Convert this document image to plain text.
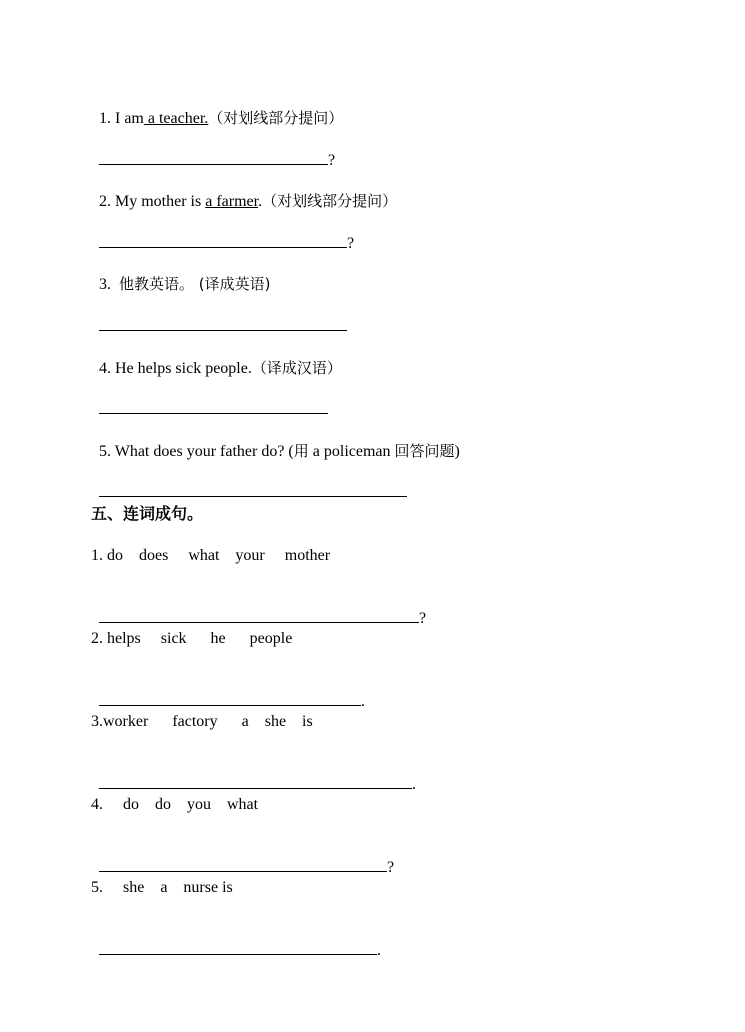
1. I am a teacher.（对划线部分提问）

?

2. My mother is a farmer.（对划线部分提问）

?

3.  他教英语。 (译成英语)

4. He helps sick people.（译成汉语）

5. What does your father do? (用 a policeman 回答问题)

五、连词成句。
1. do    does     what    your     mother

?

2. helps     sick      he      people

.

3.worker      factory      a    she    is

.

4.     do    do    you    what

?

5.     she    a    nurse is

.
